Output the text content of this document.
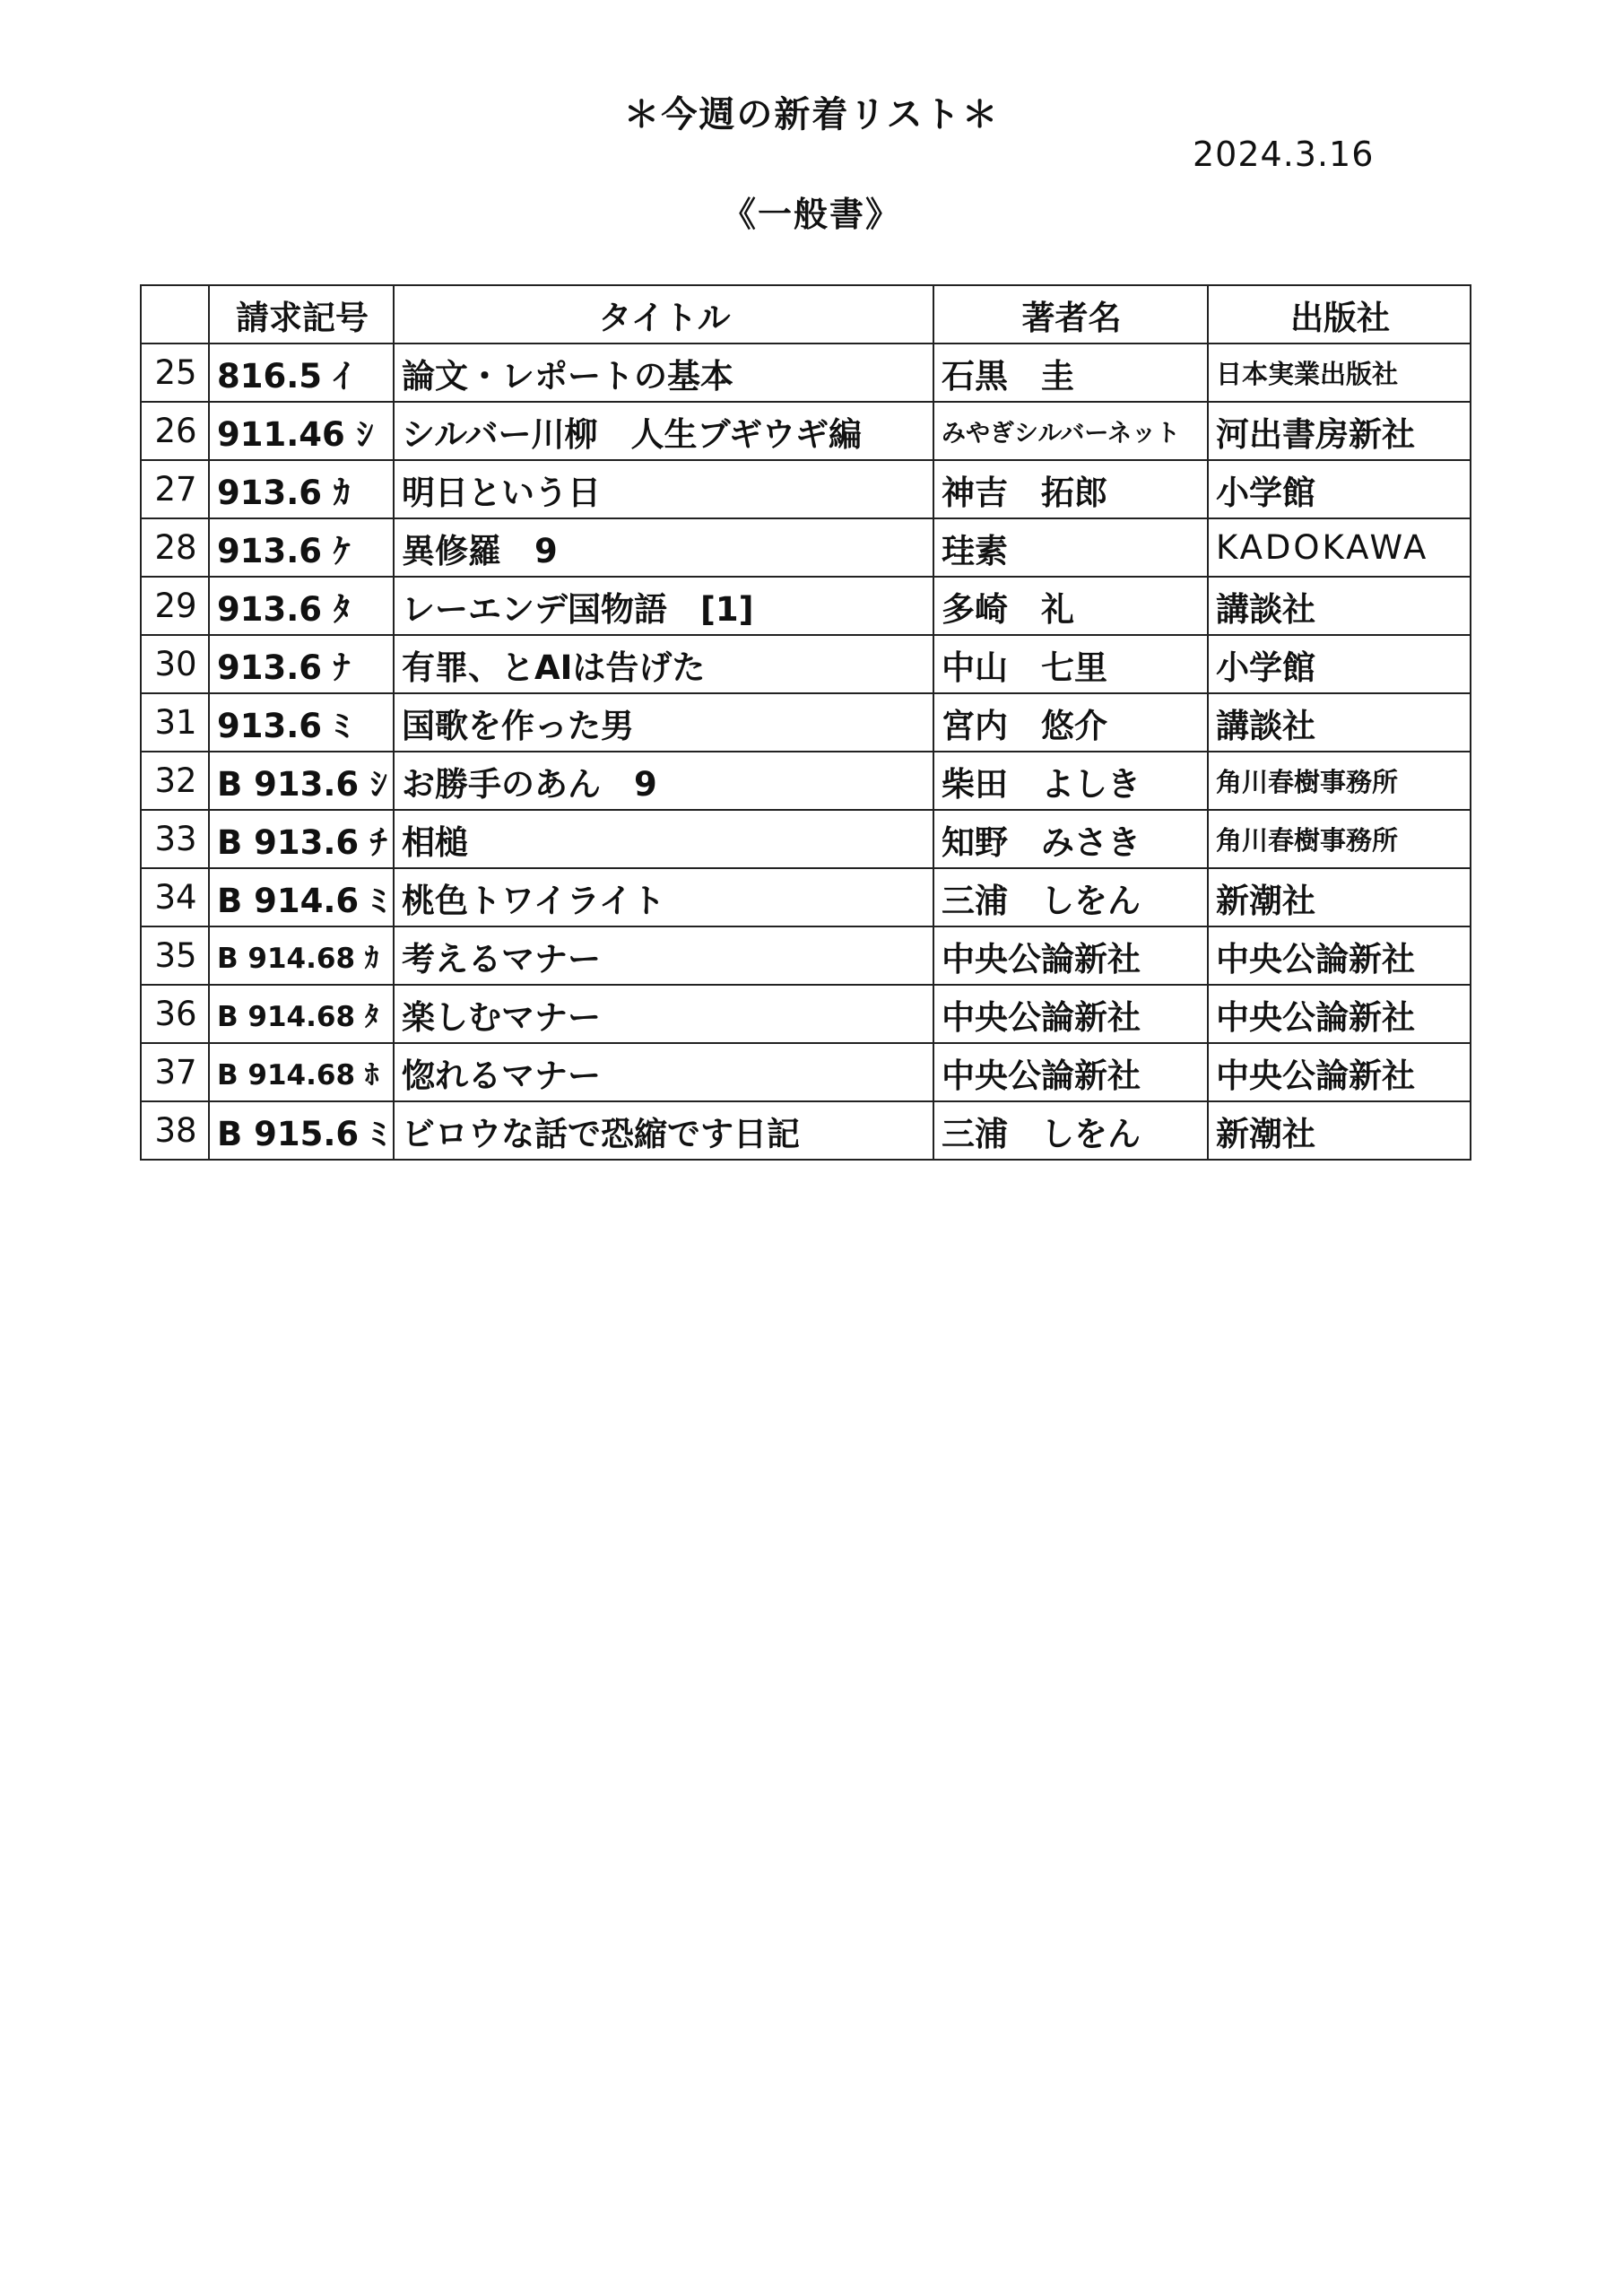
＊今週の新着リスト＊
2024.3.16
《一般書》
	請求記号	タイトル	著者名	出版社
25	816.5 ｲ	論文・レポートの基本	石黒　圭	日本実業出版社
26	911.46 ｼ	シルバー川柳　人生ブギウギ編	みやぎシルバーネット	河出書房新社
27	913.6 ｶ	明日という日	神吉　拓郎	小学館
28	913.6 ｹ	異修羅　9	珪素	KADOKAWA
29	913.6 ﾀ	レーエンデ国物語　[1]	多崎　礼	講談社
30	913.6 ﾅ	有罪、とAIは告げた	中山　七里	小学館
31	913.6 ﾐ	国歌を作った男	宮内　悠介	講談社
32	B 913.6 ｼ	お勝手のあん　9	柴田　よしき	角川春樹事務所
33	B 913.6 ﾁ	相槌	知野　みさき	角川春樹事務所
34	B 914.6 ﾐ	桃色トワイライト	三浦　しをん	新潮社
35	B 914.68 ｶ	考えるマナー	中央公論新社	中央公論新社
36	B 914.68 ﾀ	楽しむマナー	中央公論新社	中央公論新社
37	B 914.68 ﾎ	惚れるマナー	中央公論新社	中央公論新社
38	B 915.6 ﾐ	ビロウな話で恐縮です日記	三浦　しをん	新潮社
